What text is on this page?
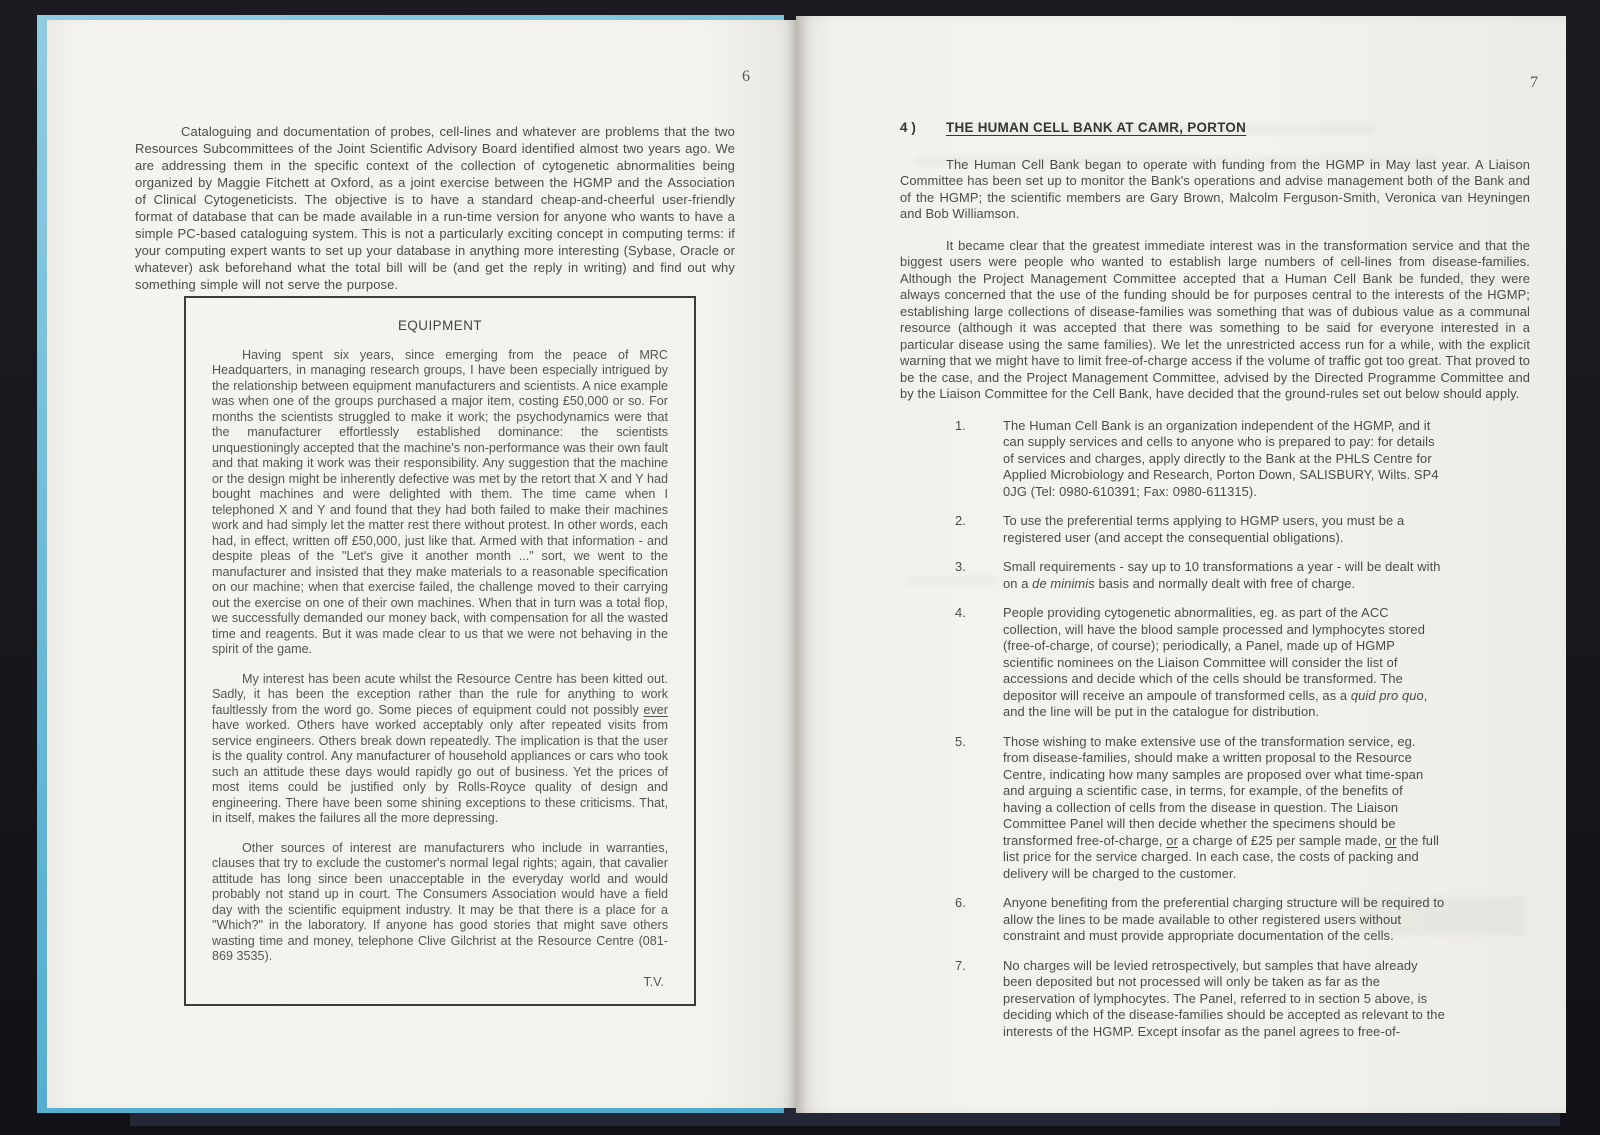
6

Cataloguing and documentation of probes, cell-lines and whatever are problems that the two Resources Subcommittees of the Joint Scientific Advisory Board identified almost two years ago. We are addressing them in the specific context of the collection of cytogenetic abnormalities being organized by Maggie Fitchett at Oxford, as a joint exercise between the HGMP and the Association of Clinical Cytogeneticists. The objective is to have a standard cheap-and-cheerful user-friendly format of database that can be made available in a run-time version for anyone who wants to have a simple PC-based cataloguing system. This is not a particularly exciting concept in computing terms: if your computing expert wants to set up your database in anything more interesting (Sybase, Oracle or whatever) ask beforehand what the total bill will be (and get the reply in writing) and find out why something simple will not serve the purpose.

EQUIPMENT

Having spent six years, since emerging from the peace of MRC Headquarters, in managing research groups, I have been especially intrigued by the relationship between equipment manufacturers and scientists. A nice example was when one of the groups purchased a major item, costing £50,000 or so. For months the scientists struggled to make it work; the psychodynamics were that the manufacturer effortlessly established dominance: the scientists unquestioningly accepted that the machine's non-performance was their own fault and that making it work was their responsibility. Any suggestion that the machine or the design might be inherently defective was met by the retort that X and Y had bought machines and were delighted with them. The time came when I telephoned X and Y and found that they had both failed to make their machines work and had simply let the matter rest there without protest. In other words, each had, in effect, written off £50,000, just like that. Armed with that information - and despite pleas of the "Let's give it another month ..." sort, we went to the manufacturer and insisted that they make materials to a reasonable specification on our machine; when that exercise failed, the challenge moved to their carrying out the exercise on one of their own machines. When that in turn was a total flop, we successfully demanded our money back, with compensation for all the wasted time and reagents. But it was made clear to us that we were not behaving in the spirit of the game.

My interest has been acute whilst the Resource Centre has been kitted out. Sadly, it has been the exception rather than the rule for anything to work faultlessly from the word go. Some pieces of equipment could not possibly ever have worked. Others have worked acceptably only after repeated visits from service engineers. Others break down repeatedly. The implication is that the user is the quality control. Any manufacturer of household appliances or cars who took such an attitude these days would rapidly go out of business. Yet the prices of most items could be justified only by Rolls-Royce quality of design and engineering. There have been some shining exceptions to these criticisms. That, in itself, makes the failures all the more depressing.

Other sources of interest are manufacturers who include in warranties, clauses that try to exclude the customer's normal legal rights; again, that cavalier attitude has long since been unacceptable in the everyday world and would probably not stand up in court. The Consumers Association would have a field day with the scientific equipment industry. It may be that there is a place for a "Which?" in the laboratory. If anyone has good stories that might save others wasting time and money, telephone Clive Gilchrist at the Resource Centre (081-869 3535).

T.V.
7
4 )	THE HUMAN CELL BANK AT CAMR, PORTON

The Human Cell Bank began to operate with funding from the HGMP in May last year. A Liaison Committee has been set up to monitor the Bank's operations and advise management both of the Bank and of the HGMP; the scientific members are Gary Brown, Malcolm Ferguson-Smith, Veronica van Heyningen and Bob Williamson.

It became clear that the greatest immediate interest was in the transformation service and that the biggest users were people who wanted to establish large numbers of cell-lines from disease-families. Although the Project Management Committee accepted that a Human Cell Bank be funded, they were always concerned that the use of the funding should be for purposes central to the interests of the HGMP; establishing large collections of disease-families was something that was of dubious value as a communal resource (although it was accepted that there was something to be said for everyone interested in a particular disease using the same families). We let the unrestricted access run for a while, with the explicit warning that we might have to limit free-of-charge access if the volume of traffic got too great. That proved to be the case, and the Project Management Committee, advised by the Directed Programme Committee and by the Liaison Committee for the Cell Bank, have decided that the ground-rules set out below should apply.

1.	The Human Cell Bank is an organization independent of the HGMP, and it can supply services and cells to anyone who is prepared to pay: for details of services and charges, apply directly to the Bank at the PHLS Centre for Applied Microbiology and Research, Porton Down, SALISBURY, Wilts. SP4 0JG (Tel: 0980-610391; Fax: 0980-611315).
2.	To use the preferential terms applying to HGMP users, you must be a registered user (and accept the consequential obligations).
3.	Small requirements - say up to 10 transformations a year - will be dealt with on a de minimis basis and normally dealt with free of charge.
4.	People providing cytogenetic abnormalities, eg. as part of the ACC collection, will have the blood sample processed and lymphocytes stored (free-of-charge, of course); periodically, a Panel, made up of HGMP scientific nominees on the Liaison Committee will consider the list of accessions and decide which of the cells should be transformed. The depositor will receive an ampoule of transformed cells, as a quid pro quo, and the line will be put in the catalogue for distribution.
5.	Those wishing to make extensive use of the transformation service, eg. from disease-families, should make a written proposal to the Resource Centre, indicating how many samples are proposed over what time-span and arguing a scientific case, in terms, for example, of the benefits of having a collection of cells from the disease in question. The Liaison Committee Panel will then decide whether the specimens should be transformed free-of-charge, or a charge of £25 per sample made, or the full list price for the service charged. In each case, the costs of packing and delivery will be charged to the customer.
6.	Anyone benefiting from the preferential charging structure will be required to allow the lines to be made available to other registered users without constraint and must provide appropriate documentation of the cells.
7.	No charges will be levied retrospectively, but samples that have already been deposited but not processed will only be taken as far as the preservation of lymphocytes. The Panel, referred to in section 5 above, is deciding which of the disease-families should be accepted as relevant to the interests of the HGMP. Except insofar as the panel agrees to free-of-
